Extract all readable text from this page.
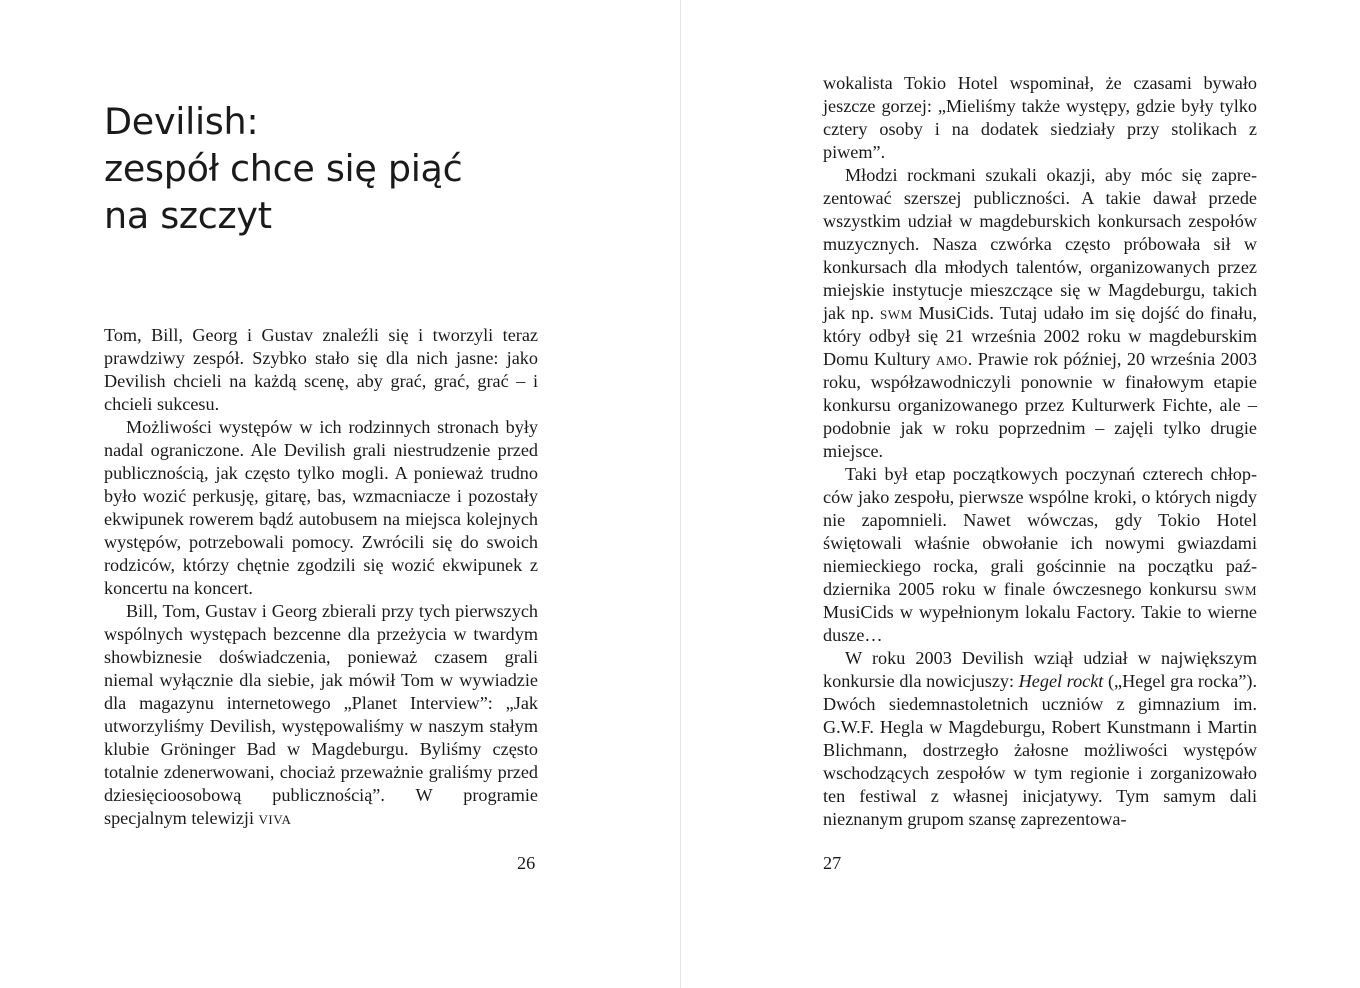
Devilish:
zespół chce się piąć
na szczyt

Tom, Bill, Georg i Gustav znaleźli się i tworzyli teraz prawdziwy zespół. Szybko stało się dla nich jasne: jako Devilish chcieli na każdą scenę, aby grać, grać, grać – i chcieli sukcesu.

Możliwości występów w ich rodzinnych stronach były nadal ograniczone. Ale Devilish grali niestrudzenie przed publicznością, jak często tylko mogli. A ponieważ trudno było wozić perkusję, gitarę, bas, wzmacniacze i pozostały ekwipunek rowerem bądź autobusem na miejsca kolejnych występów, potrzebowali pomocy. Zwrócili się do swoich rodziców, którzy chętnie zgodzili się wozić ekwipunek z koncertu na koncert.

Bill, Tom, Gustav i Georg zbierali przy tych pierwszych wspólnych występach bezcenne dla przeżycia w twardym showbiznesie doświadczenia, ponieważ czasem grali niemal wyłącznie dla siebie, jak mówił Tom w wywiadzie dla magazynu internetowego „Planet Interview”: „Jak utworzyliśmy Devilish, występowaliśmy w naszym stałym klubie Gröninger Bad w Magdeburgu. Byliśmy często totalnie zdenerwowani, chociaż przeważnie graliśmy przed dziesięcioosobową publicznością”. W programie specjalnym telewizji viva

26

wokalista Tokio Hotel wspominał, że czasami bywało jeszcze gorzej: „Mieliśmy także występy, gdzie były tylko cztery osoby i na dodatek siedziały przy stolikach z piwem”.

Młodzi rockmani szukali okazji, aby móc się zaprezentować szerszej publiczności. A takie dawał przede wszystkim udział w magdeburskich konkursach zespołów muzycznych. Nasza czwórka często próbowała sił w konkursach dla młodych talentów, organizowanych przez miejskie instytucje mieszczące się w Magdeburgu, takich jak np. swm MusiCids. Tutaj udało im się dojść do finału, który odbył się 21 września 2002 roku w magdeburskim Domu Kultury amo. Prawie rok później, 20 września 2003 roku, współzawodniczyli ponownie w finałowym etapie konkursu organizowanego przez Kulturwerk Fichte, ale – podobnie jak w roku poprzednim – zajęli tylko drugie miejsce.

Taki był etap początkowych poczynań czterech chłopców jako zespołu, pierwsze wspólne kroki, o których nigdy nie zapomnieli. Nawet wówczas, gdy Tokio Hotel świętowali właśnie obwołanie ich nowymi gwiazdami niemieckiego rocka, grali gościnnie na początku października 2005 roku w finale ówczesnego konkursu swm MusiCids w wypełnionym lokalu Factory. Takie to wierne dusze…

W roku 2003 Devilish wziął udział w największym konkursie dla nowicjuszy: Hegel rockt („Hegel gra rocka”). Dwóch siedemnastoletnich uczniów z gimnazium im. G.W.F. Hegla w Magdeburgu, Robert Kunstmann i Martin Blichmann, dostrzegło żałosne możliwości występów wschodzących zespołów w tym regionie i zorganizowało ten festiwal z własnej inicjatywy. Tym samym dali nieznanym grupom szansę zaprezentowa-

27
